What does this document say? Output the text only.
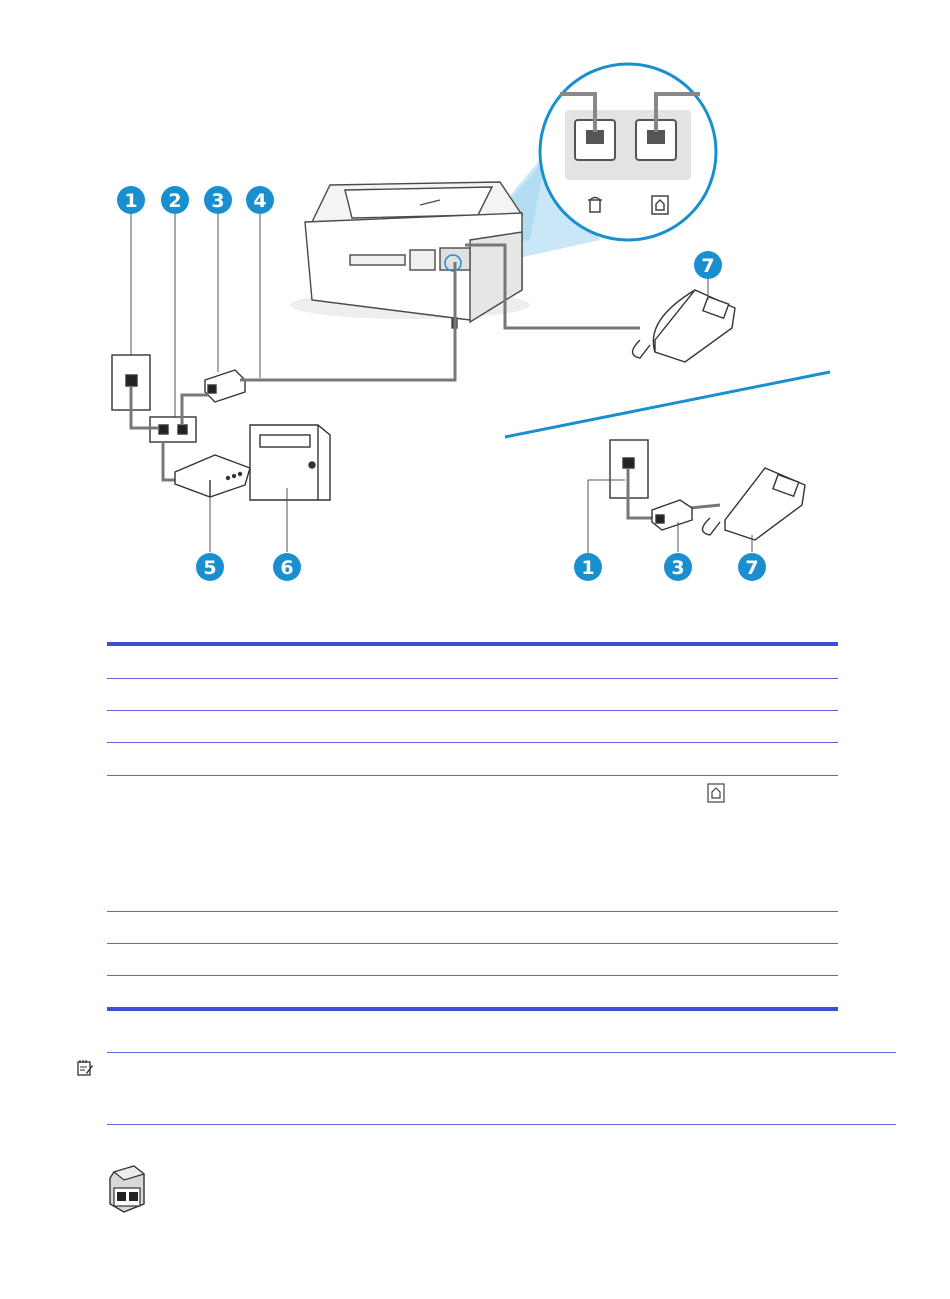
1 2 3 4
5	6
7
1	3	7
